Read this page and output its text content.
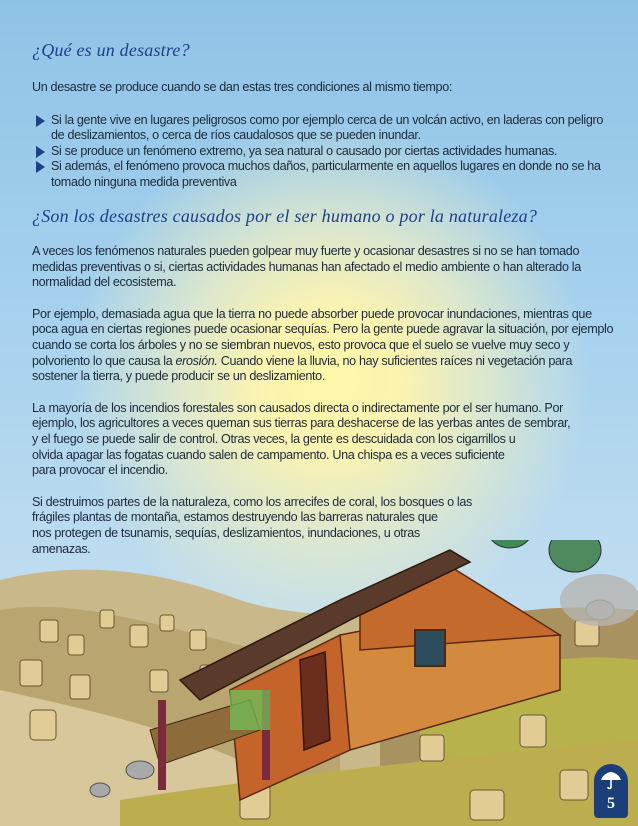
¿Qué es un desastre?

Un desastre se produce cuando se dan estas tres condiciones al mismo tiempo:

Si la gente vive en lugares peligrosos como por ejemplo cerca de un volcán activo, en laderas con peligro de deslizamientos, o cerca de ríos caudalosos que se pueden inundar.
Si se produce un fenómeno extremo, ya sea natural o causado por ciertas actividades humanas.
Si además, el fenómeno provoca muchos daños, particularmente en aquellos lugares en donde no se ha tomado ninguna medida preventiva
¿Son los desastres causados por el ser humano o por la naturaleza?

A veces los fenómenos naturales pueden golpear muy fuerte y ocasionar desastres si no se han tomado medidas preventivas o si, ciertas actividades humanas han afectado el medio ambiente o han alterado la normalidad del ecosistema.

Por ejemplo, demasiada agua que la tierra no puede absorber puede provocar inundaciones, mientras que poca agua en ciertas regiones puede ocasionar sequías. Pero la gente puede agravar la situación, por ejemplo cuando se corta los árboles y no se siembran nuevos, esto provoca que el suelo se vuelve muy seco y polvoriento lo que causa la erosión. Cuando viene la lluvia, no hay suficientes raíces ni vegetación para sostener la tierra, y puede producir se un deslizamiento.

La mayoría de los incendios forestales son causados directa o indirectamente por el ser humano. Por
ejemplo, los agricultores a veces queman sus tierras para deshacerse de las yerbas antes de sembrar,
y el fuego se puede salir de control. Otras veces, la gente es descuidada con los cigarrillos u
olvida apagar las fogatas cuando salen de campamento. Una chispa es a veces suficiente
para provocar el incendio.

Si destruimos partes de la naturaleza, como los arrecifes de coral, los bosques o las
frágiles plantas de montaña, estamos destruyendo las barreras naturales que
nos protegen de tsunamis, sequías, deslizamientos, inundaciones, u otras
amenazas.

5
